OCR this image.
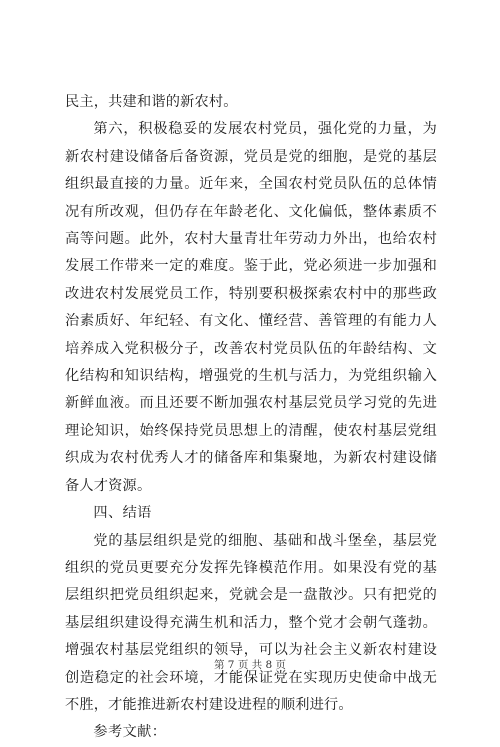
民主，共建和谐的新农村。

第六，积极稳妥的发展农村党员，强化党的力量，为新农村建设储备后备资源，党员是党的细胞，是党的基层组织最直接的力量。近年来，全国农村党员队伍的总体情况有所改观，但仍存在年龄老化、文化偏低，整体素质不高等问题。此外，农村大量青壮年劳动力外出，也给农村发展工作带来一定的难度。鉴于此，党必须进一步加强和改进农村发展党员工作，特别要积极探索农村中的那些政治素质好、年纪轻、有文化、懂经营、善管理的有能力人培养成入党积极分子，改善农村党员队伍的年龄结构、文化结构和知识结构，增强党的生机与活力，为党组织输入新鲜血液。而且还要不断加强农村基层党员学习党的先进理论知识，始终保持党员思想上的清醒，使农村基层党组织成为农村优秀人才的储备库和集聚地，为新农村建设储备人才资源。

四、结语

党的基层组织是党的细胞、基础和战斗堡垒，基层党组织的党员更要充分发挥先锋模范作用。如果没有党的基层组织把党员组织起来，党就会是一盘散沙。只有把党的基层组织建设得充满生机和活力，整个党才会朝气蓬勃。增强农村基层党组织的领导，可以为社会主义新农村建设创造稳定的社会环境，才能保证党在实现历史使命中战无不胜，才能推进新农村建设进程的顺利进行。

参考文献：

第 7 页 共 8 页
